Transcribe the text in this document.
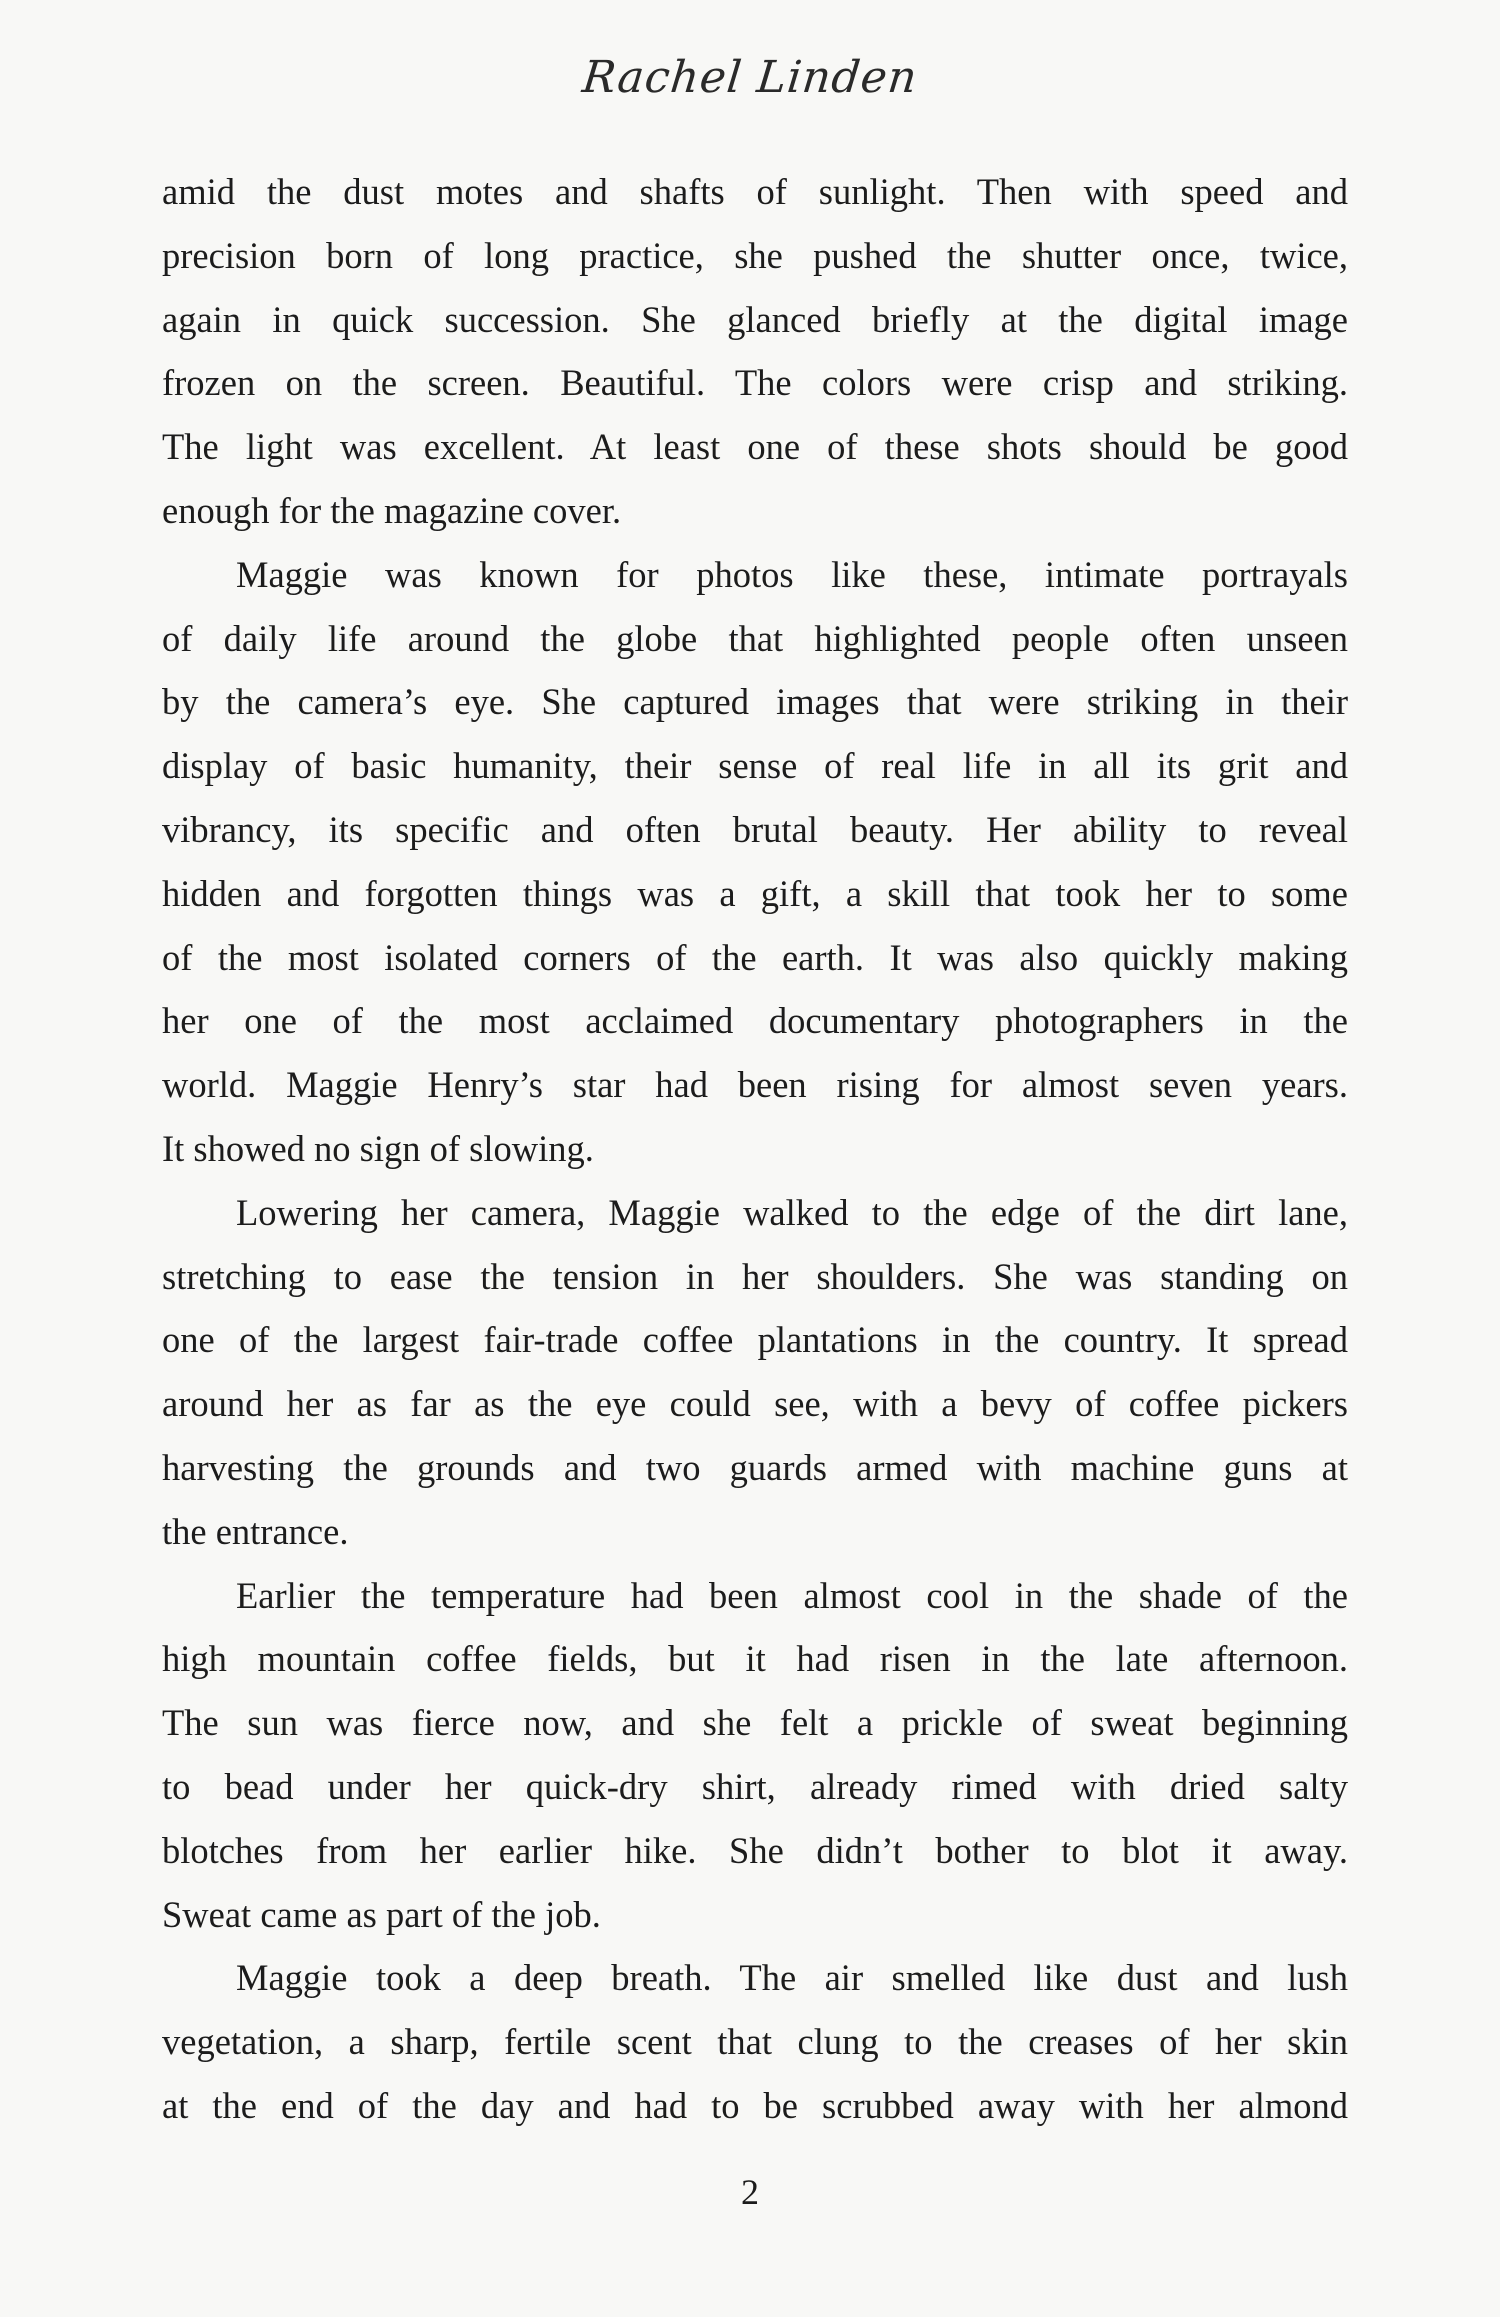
Rachel Linden

amid the dust motes and shafts of sunlight. Then with speed and
precision born of long practice, she pushed the shutter once, twice,
again in quick succession. She glanced briefly at the digital image
frozen on the screen. Beautiful. The colors were crisp and striking.
The light was excellent. At least one of these shots should be good
enough for the magazine cover.

Maggie was known for photos like these, intimate portrayals
of daily life around the globe that highlighted people often unseen
by the camera’s eye. She captured images that were striking in their
display of basic humanity, their sense of real life in all its grit and
vibrancy, its specific and often brutal beauty. Her ability to reveal
hidden and forgotten things was a gift, a skill that took her to some
of the most isolated corners of the earth. It was also quickly making
her one of the most acclaimed documentary photographers in the
world. Maggie Henry’s star had been rising for almost seven years.
It showed no sign of slowing.

Lowering her camera, Maggie walked to the edge of the dirt lane,
stretching to ease the tension in her shoulders. She was standing on
one of the largest fair-trade coffee plantations in the country. It spread
around her as far as the eye could see, with a bevy of coffee pickers
harvesting the grounds and two guards armed with machine guns at
the entrance.

Earlier the temperature had been almost cool in the shade of the
high mountain coffee fields, but it had risen in the late afternoon.
The sun was fierce now, and she felt a prickle of sweat beginning
to bead under her quick-dry shirt, already rimed with dried salty
blotches from her earlier hike. She didn’t bother to blot it away.
Sweat came as part of the job.

Maggie took a deep breath. The air smelled like dust and lush
vegetation, a sharp, fertile scent that clung to the creases of her skin
at the end of the day and had to be scrubbed away with her almond

2
